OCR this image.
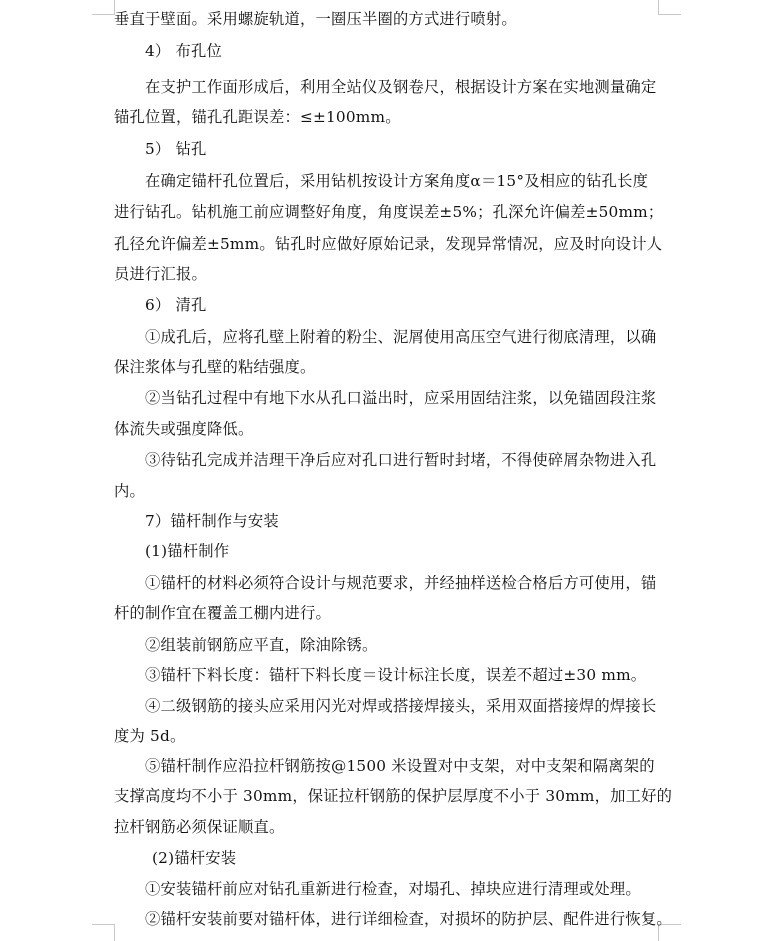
垂直于壁面。采用螺旋轨道，一圈压半圈的方式进行喷射。
4） 布孔位
在支护工作面形成后，利用全站仪及钢卷尺，根据设计方案在实地测量确定
锚孔位置，锚孔孔距误差：≤±100mm。
5） 钻孔
在确定锚杆孔位置后，采用钻机按设计方案角度α＝15°及相应的钻孔长度
进行钻孔。钻机施工前应调整好角度，角度误差±5%；孔深允许偏差±50mm；
孔径允许偏差±5mm。钻孔时应做好原始记录，发现异常情况，应及时向设计人
员进行汇报。
6） 清孔
①成孔后，应将孔壁上附着的粉尘、泥屑使用高压空气进行彻底清理，以确
保注浆体与孔壁的粘结强度。
②当钻孔过程中有地下水从孔口溢出时，应采用固结注浆，以免锚固段注浆
体流失或强度降低。
③待钻孔完成并洁理干净后应对孔口进行暂时封堵，不得使碎屑杂物进入孔
内。
7）锚杆制作与安装
(1)锚杆制作
①锚杆的材料必须符合设计与规范要求，并经抽样送检合格后方可使用，锚
杆的制作宜在覆盖工棚内进行。
②组装前钢筋应平直，除油除锈。
③锚杆下料长度：锚杆下料长度＝设计标注长度，误差不超过±30 mm。
④二级钢筋的接头应采用闪光对焊或搭接焊接头，采用双面搭接焊的焊接长
度为 5d。
⑤锚杆制作应沿拉杆钢筋按@1500 米设置对中支架，对中支架和隔离架的
支撑高度均不小于 30mm，保证拉杆钢筋的保护层厚度不小于 30mm，加工好的
拉杆钢筋必须保证顺直。
(2)锚杆安装
①安装锚杆前应对钻孔重新进行检查，对塌孔、掉块应进行清理或处理。
②锚杆安装前要对锚杆体，进行详细检查，对损坏的防护层、配件进行恢复。
